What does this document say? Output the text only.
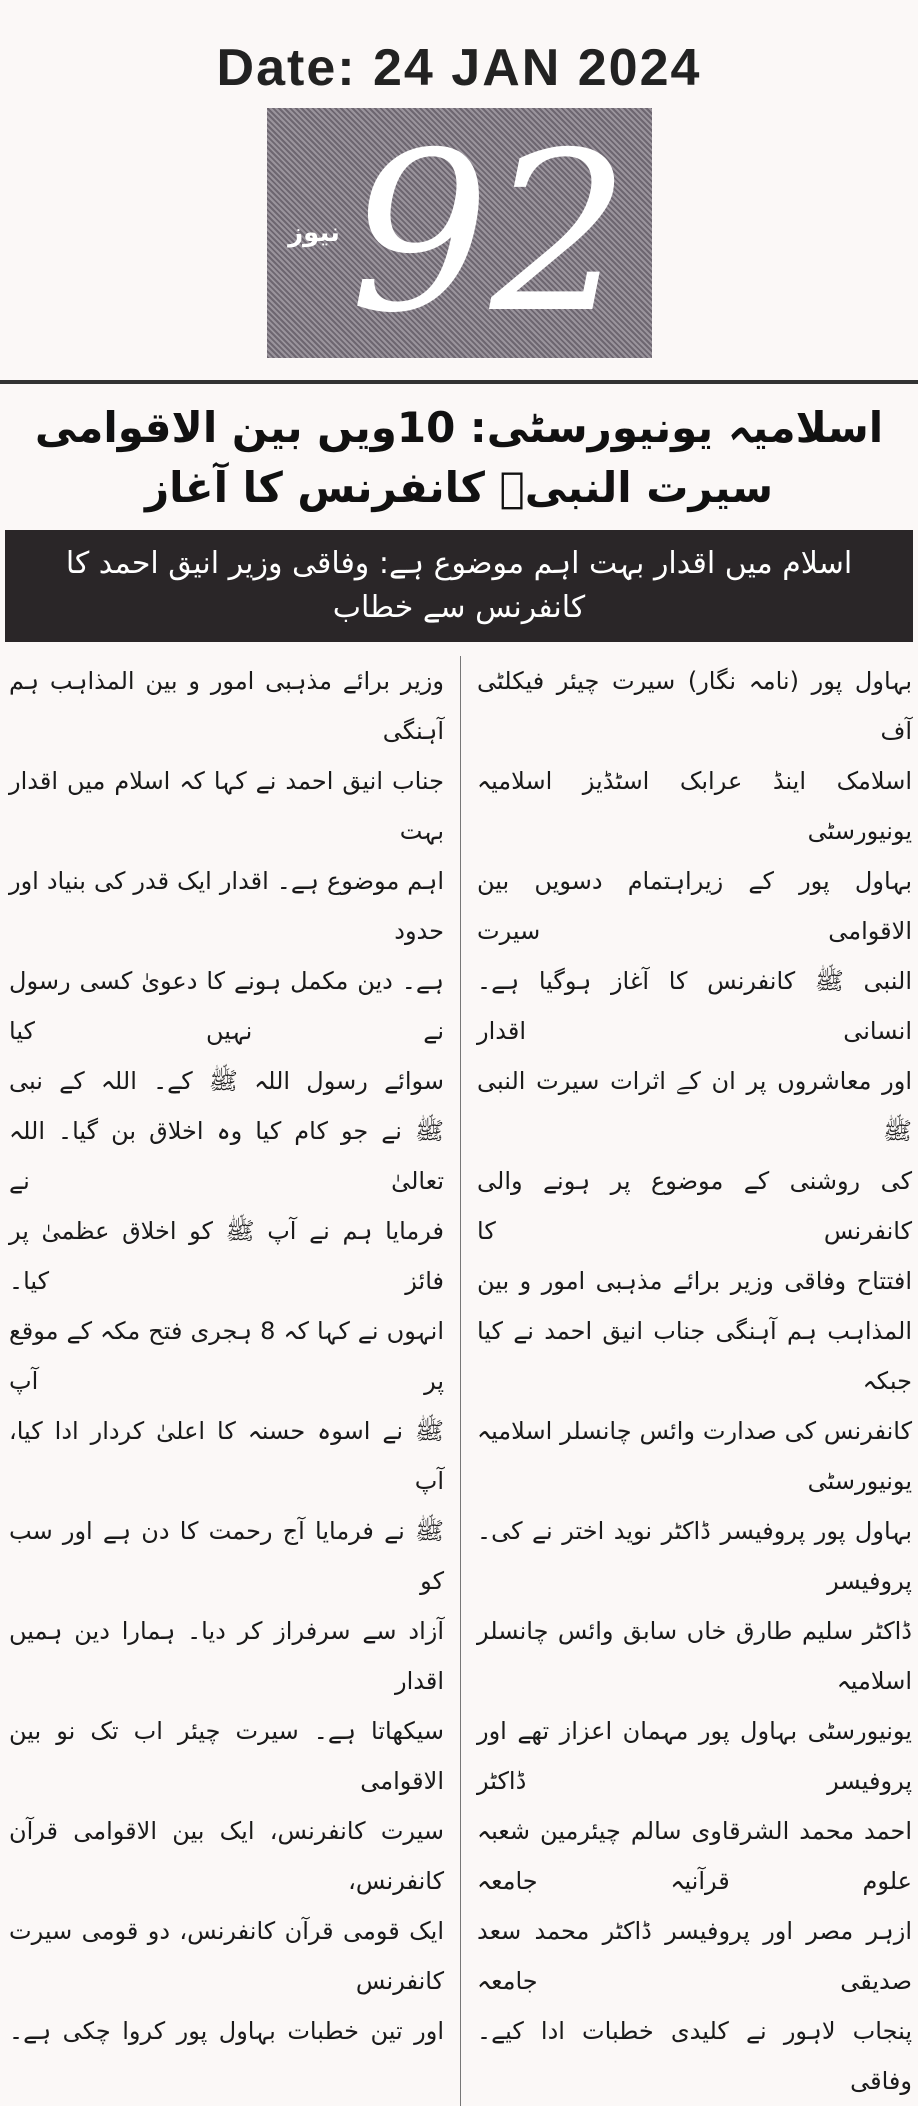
Date: 24 JAN 2024
نیوز 92
اسلامیہ یونیورسٹی: 10ویں بین الاقوامی سیرت النبیؐ کانفرنس کا آغاز
اسلام میں اقدار بہت اہم موضوع ہے: وفاقی وزیر انیق احمد کا کانفرنس سے خطاب
بہاول پور (نامہ نگار) سیرت چیئر فیکلٹی آف
اسلامک اینڈ عرابک اسٹڈیز اسلامیہ یونیورسٹی
بہاول پور کے زیراہتمام دسویں بین الاقوامی سیرت
النبی ﷺ کانفرنس کا آغاز ہوگیا ہے۔ انسانی اقدار
اور معاشروں پر ان کے اثرات سیرت النبی ﷺ
کی روشنی کے موضوع پر ہونے والی کانفرنس کا
افتتاح وفاقی وزیر برائے مذہبی امور و بین
المذاہب ہم آہنگی جناب انیق احمد نے کیا جبکہ
کانفرنس کی صدارت وائس چانسلر اسلامیہ یونیورسٹی
بہاول پور پروفیسر ڈاکٹر نوید اختر نے کی۔ پروفیسر
ڈاکٹر سلیم طارق خاں سابق وائس چانسلر اسلامیہ
یونیورسٹی بہاول پور مہمان اعزاز تھے اور پروفیسر ڈاکٹر
احمد محمد الشرقاوی سالم چیئرمین شعبہ علوم قرآنیہ جامعہ
ازہر مصر اور پروفیسر ڈاکٹر محمد سعد صدیقی جامعہ
پنجاب لاہور نے کلیدی خطبات ادا کیے۔ وفاقی
وزیر برائے مذہبی امور و بین المذاہب ہم آہنگی
جناب انیق احمد نے کہا کہ اسلام میں اقدار بہت
اہم موضوع ہے۔ اقدار ایک قدر کی بنیاد اور حدود
ہے۔ دین مکمل ہونے کا دعویٰ کسی رسول نے نہیں کیا
سوائے رسول اللہ ﷺ کے۔ اللہ کے نبی
ﷺ نے جو کام کیا وہ اخلاق بن گیا۔ اللہ تعالیٰ نے
فرمایا ہم نے آپ ﷺ کو اخلاق عظمیٰ پر فائز کیا۔
انہوں نے کہا کہ 8 ہجری فتح مکہ کے موقع پر آپ
ﷺ نے اسوہ حسنہ کا اعلیٰ کردار ادا کیا، آپ
ﷺ نے فرمایا آج رحمت کا دن ہے اور سب کو
آزاد سے سرفراز کر دیا۔ ہمارا دین ہمیں اقدار
سیکھاتا ہے۔ سیرت چیئر اب تک نو بین الاقوامی
سیرت کانفرنس، ایک بین الاقوامی قرآن کانفرنس،
ایک قومی قرآن کانفرنس، دو قومی سیرت کانفرنس
اور تین خطبات بہاول پور کروا چکی ہے۔
